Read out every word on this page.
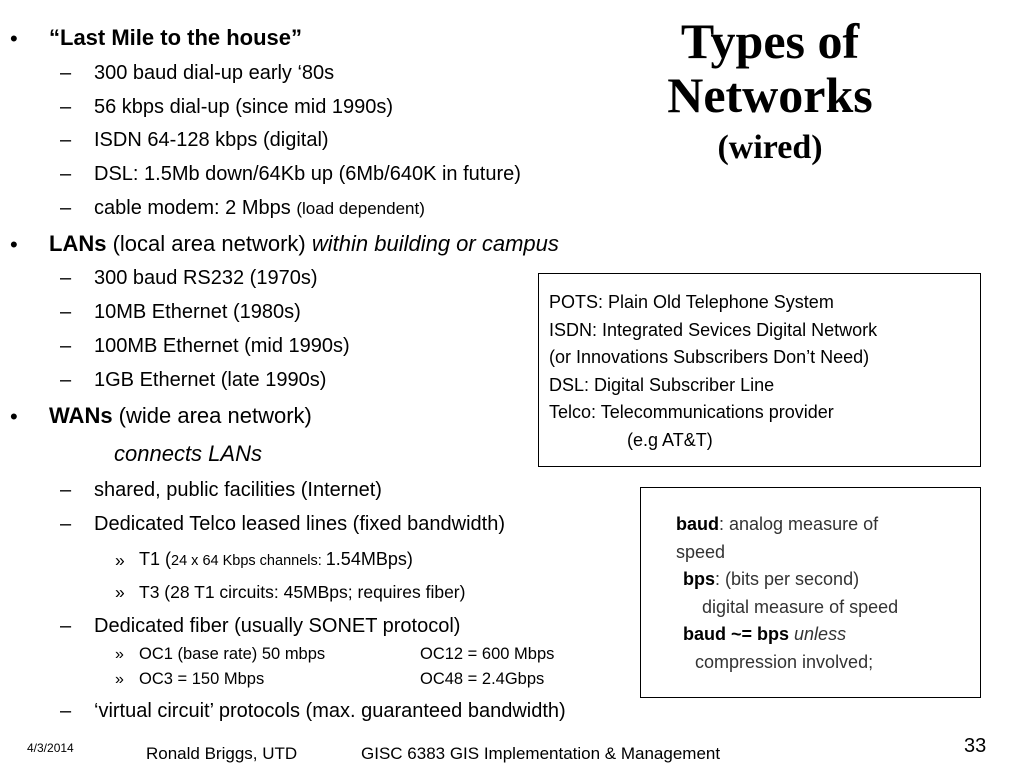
Types of
Networks
(wired)
• “Last Mile to the house”
– 300 baud dial-up early ‘80s
– 56 kbps dial-up (since mid 1990s)
– ISDN 64-128 kbps (digital)
– DSL: 1.5Mb down/64Kb up (6Mb/640K in future)
– cable modem: 2 Mbps (load dependent)
• LANs (local area network) within building or campus
– 300 baud RS232 (1970s)
– 10MB Ethernet (1980s)
– 100MB Ethernet (mid 1990s)
– 1GB Ethernet (late 1990s)
• WANs (wide area network)
connects LANs
– shared, public facilities (Internet)
– Dedicated Telco leased lines (fixed bandwidth)
» T1 (24 x 64 Kbps channels: 1.54MBps)
» T3 (28 T1 circuits: 45MBps; requires fiber)
– Dedicated fiber (usually SONET protocol)
» OC1 (base rate) 50 mbps	OC12 = 600 Mbps
» OC3 = 150 Mbps	OC48 = 2.4Gbps
– ‘virtual circuit’ protocols (max. guaranteed bandwidth)
POTS: Plain Old Telephone System
ISDN: Integrated Sevices Digital Network
(or Innovations Subscribers Don’t Need)
DSL: Digital Subscriber Line
Telco: Telecommunications provider
(e.g AT&T)
baud: analog measure of
speed
bps: (bits per second)
digital measure of speed
baud ~= bps unless
compression involved;
4/3/2014	Ronald Briggs, UTD	GISC 6383 GIS Implementation & Management	33
